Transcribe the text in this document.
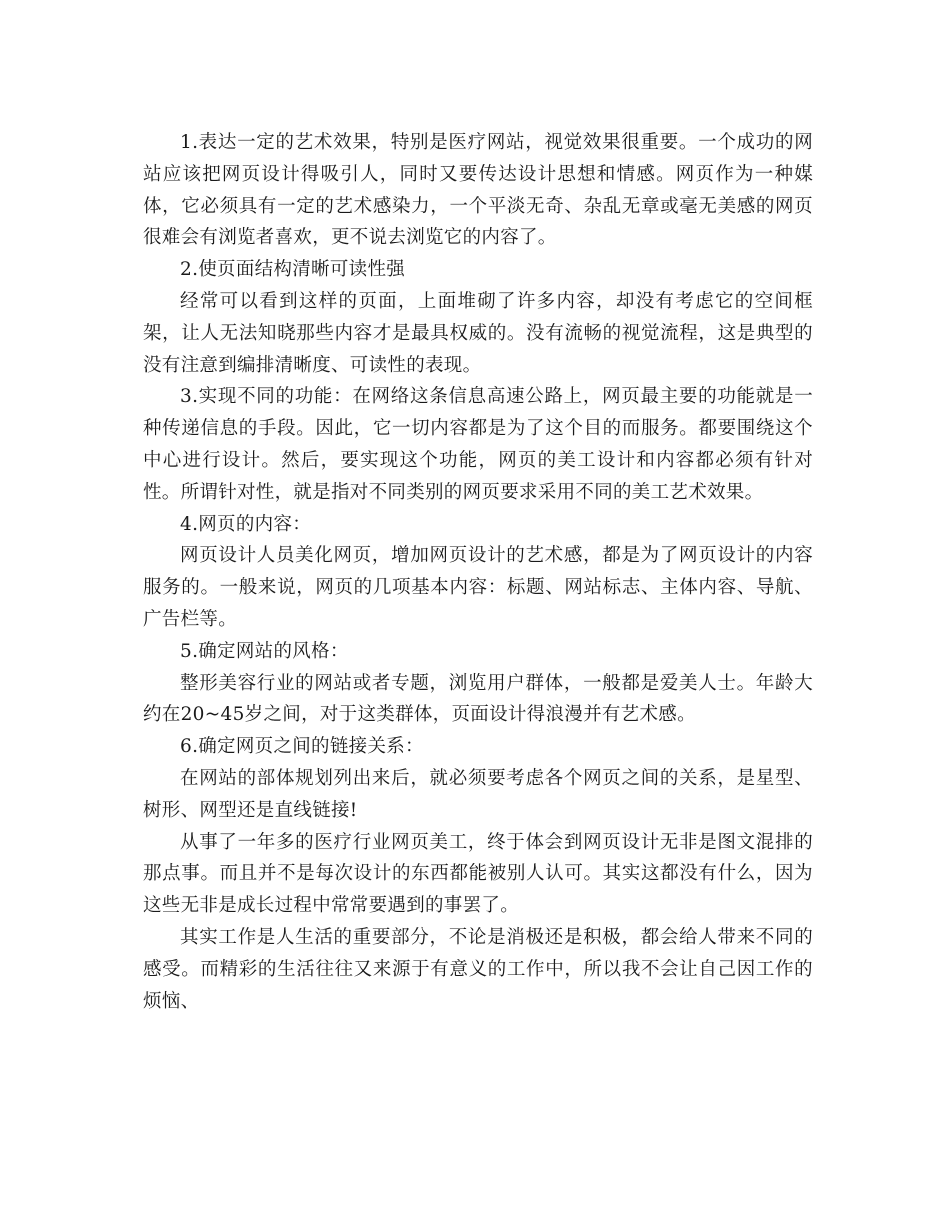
1.表达一定的艺术效果，特别是医疗网站，视觉效果很重要。一个成功的网站应该把网页设计得吸引人，同时又要传达设计思想和情感。网页作为一种媒体，它必须具有一定的艺术感染力，一个平淡无奇、杂乱无章或毫无美感的网页很难会有浏览者喜欢，更不说去浏览它的内容了。

2.使页面结构清晰可读性强

经常可以看到这样的页面，上面堆砌了许多内容，却没有考虑它的空间框架，让人无法知晓那些内容才是最具权威的。没有流畅的视觉流程，这是典型的没有注意到编排清晰度、可读性的表现。

3.实现不同的功能：在网络这条信息高速公路上，网页最主要的功能就是一种传递信息的手段。因此，它一切内容都是为了这个目的而服务。都要围绕这个中心进行设计。然后，要实现这个功能，网页的美工设计和内容都必须有针对性。所谓针对性，就是指对不同类别的网页要求采用不同的美工艺术效果。

4.网页的内容：

网页设计人员美化网页，增加网页设计的艺术感，都是为了网页设计的内容服务的。一般来说，网页的几项基本内容：标题、网站标志、主体内容、导航、广告栏等。

5.确定网站的风格：

整形美容行业的网站或者专题，浏览用户群体，一般都是爱美人士。年龄大约在20~45岁之间，对于这类群体，页面设计得浪漫并有艺术感。

6.确定网页之间的链接关系：

在网站的部体规划列出来后，就必须要考虑各个网页之间的关系，是星型、树形、网型还是直线链接!

从事了一年多的医疗行业网页美工，终于体会到网页设计无非是图文混排的那点事。而且并不是每次设计的东西都能被别人认可。其实这都没有什么，因为这些无非是成长过程中常常要遇到的事罢了。

其实工作是人生活的重要部分，不论是消极还是积极，都会给人带来不同的感受。而精彩的生活往往又来源于有意义的工作中，所以我不会让自己因工作的烦恼、
